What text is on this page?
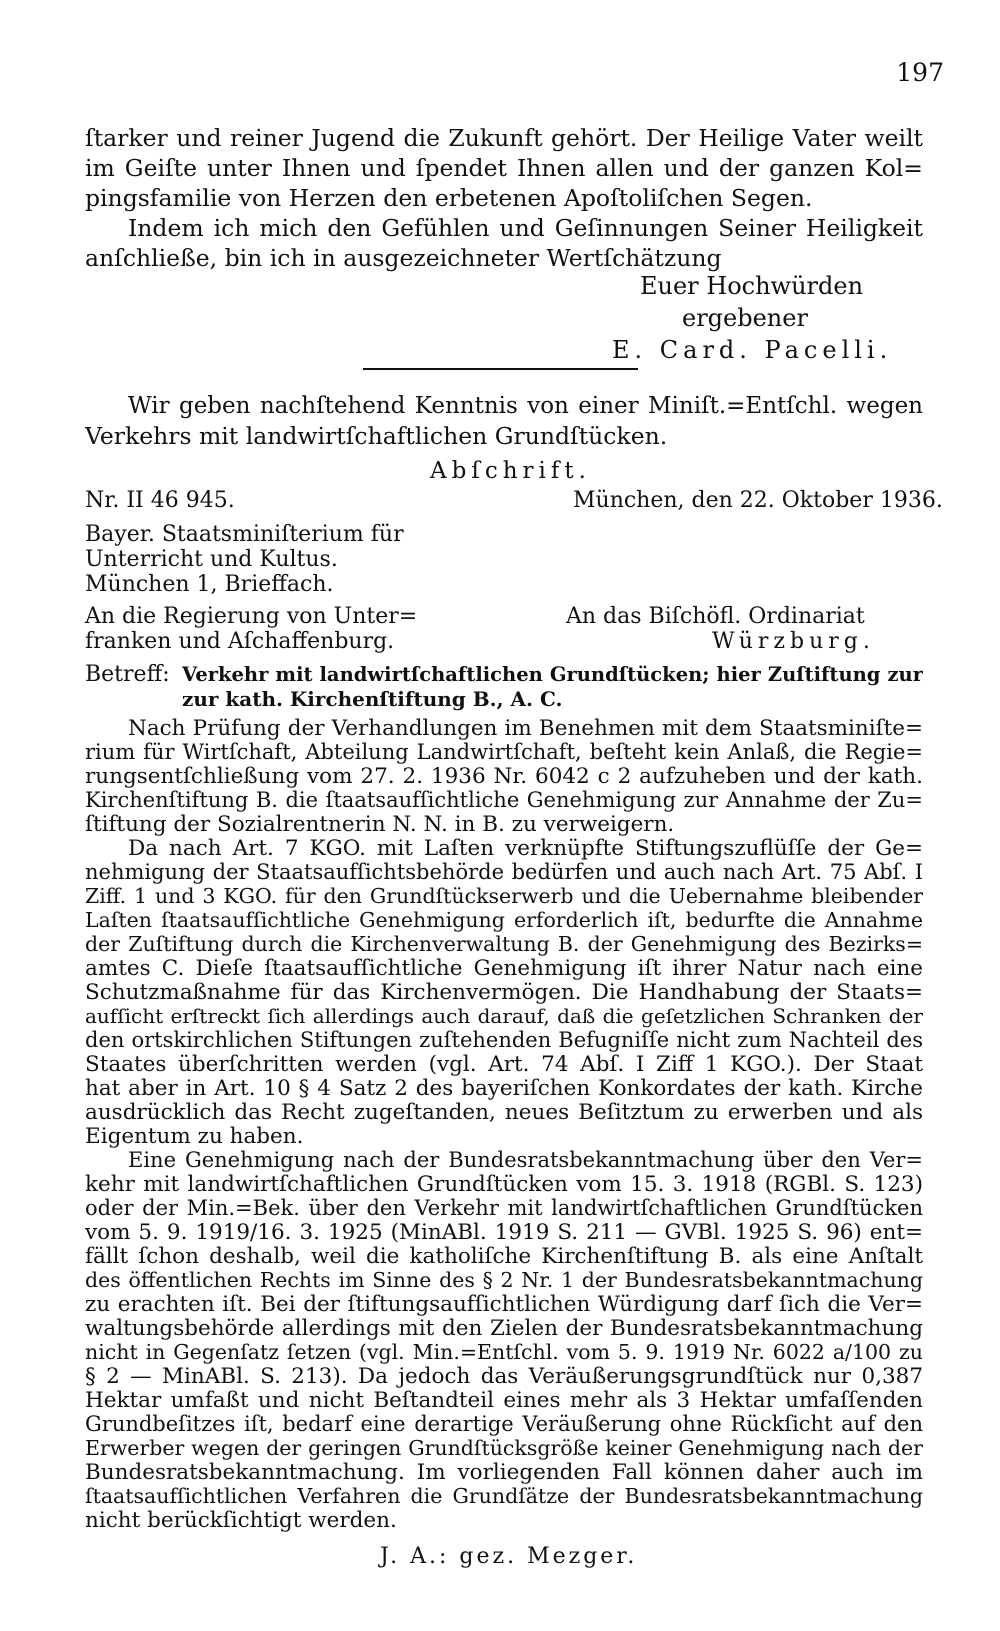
197
ſtarker und reiner Jugend die Zukunft gehört. Der Heilige Vater weilt
im Geiſte unter Ihnen und ſpendet Ihnen allen und der ganzen Kol=
pingsfamilie von Herzen den erbetenen Apoſtoliſchen Segen.
Indem ich mich den Gefühlen und Geſinnungen Seiner Heiligkeit
anſchließe, bin ich in ausgezeichneter Wertſchätzung
Euer Hochwürden
ergebener
E. Card. Pacelli.
Wir geben nachſtehend Kenntnis von einer Miniſt.=Entſchl. wegen
Verkehrs mit landwirtſchaftlichen Grundſtücken.
Abſchrift.
Nr. II 46 945.	München, den 22. Oktober 1936.
Bayer. Staatsminiſterium für
Unterricht und Kultus.
München 1, Brieffach.
An die Regierung von Unter=
franken und Aſchaffenburg.
An das Biſchöfl. Ordinariat
Würzburg.
Betreff: Verkehr mit landwirtſchaftlichen Grundſtücken; hier Zuſtiftung zur
zur kath. Kirchenſtiftung B., A. C.
Nach Prüfung der Verhandlungen im Benehmen mit dem Staatsminiſte=
rium für Wirtſchaft, Abteilung Landwirtſchaft, beſteht kein Anlaß, die Regie=
rungsentſchließung vom 27. 2. 1936 Nr. 6042 c 2 aufzuheben und der kath.
Kirchenſtiftung B. die ſtaatsaufſichtliche Genehmigung zur Annahme der Zu=
ſtiftung der Sozialrentnerin N. N. in B. zu verweigern.
Da nach Art. 7 KGO. mit Laſten verknüpfte Stiftungszuflüſſe der Ge=
nehmigung der Staatsaufſichtsbehörde bedürfen und auch nach Art. 75 Abſ. I
Ziff. 1 und 3 KGO. für den Grundſtückserwerb und die Uebernahme bleibender
Laſten ſtaatsaufſichtliche Genehmigung erforderlich iſt, bedurfte die Annahme
der Zuſtiftung durch die Kirchenverwaltung B. der Genehmigung des Bezirks=
amtes C. Dieſe ſtaatsaufſichtliche Genehmigung iſt ihrer Natur nach eine
Schutzmaßnahme für das Kirchenvermögen. Die Handhabung der Staats=
aufſicht erſtreckt ſich allerdings auch darauf, daß die geſetzlichen Schranken der
den ortskirchlichen Stiftungen zuſtehenden Befugniſſe nicht zum Nachteil des
Staates überſchritten werden (vgl. Art. 74 Abſ. I Ziff 1 KGO.). Der Staat
hat aber in Art. 10 § 4 Satz 2 des bayeriſchen Konkordates der kath. Kirche
ausdrücklich das Recht zugeſtanden, neues Beſitztum zu erwerben und als
Eigentum zu haben.
Eine Genehmigung nach der Bundesratsbekanntmachung über den Ver=
kehr mit landwirtſchaftlichen Grundſtücken vom 15. 3. 1918 (RGBl. S. 123)
oder der Min.=Bek. über den Verkehr mit landwirtſchaftlichen Grundſtücken
vom 5. 9. 1919/16. 3. 1925 (MinABl. 1919 S. 211 — GVBl. 1925 S. 96) ent=
fällt ſchon deshalb, weil die katholiſche Kirchenſtiftung B. als eine Anſtalt
des öffentlichen Rechts im Sinne des § 2 Nr. 1 der Bundesratsbekanntmachung
zu erachten iſt. Bei der ſtiftungsaufſichtlichen Würdigung darf ſich die Ver=
waltungsbehörde allerdings mit den Zielen der Bundesratsbekanntmachung
nicht in Gegenſatz ſetzen (vgl. Min.=Entſchl. vom 5. 9. 1919 Nr. 6022 a/100 zu
§ 2 — MinABl. S. 213). Da jedoch das Veräußerungsgrundſtück nur 0,387
Hektar umfaßt und nicht Beſtandteil eines mehr als 3 Hektar umfaſſenden
Grundbeſitzes iſt, bedarf eine derartige Veräußerung ohne Rückſicht auf den
Erwerber wegen der geringen Grundſtücksgröße keiner Genehmigung nach der
Bundesratsbekanntmachung. Im vorliegenden Fall können daher auch im
ſtaatsaufſichtlichen Verfahren die Grundſätze der Bundesratsbekanntmachung
nicht berückſichtigt werden.
J. A.: gez. Mezger.
